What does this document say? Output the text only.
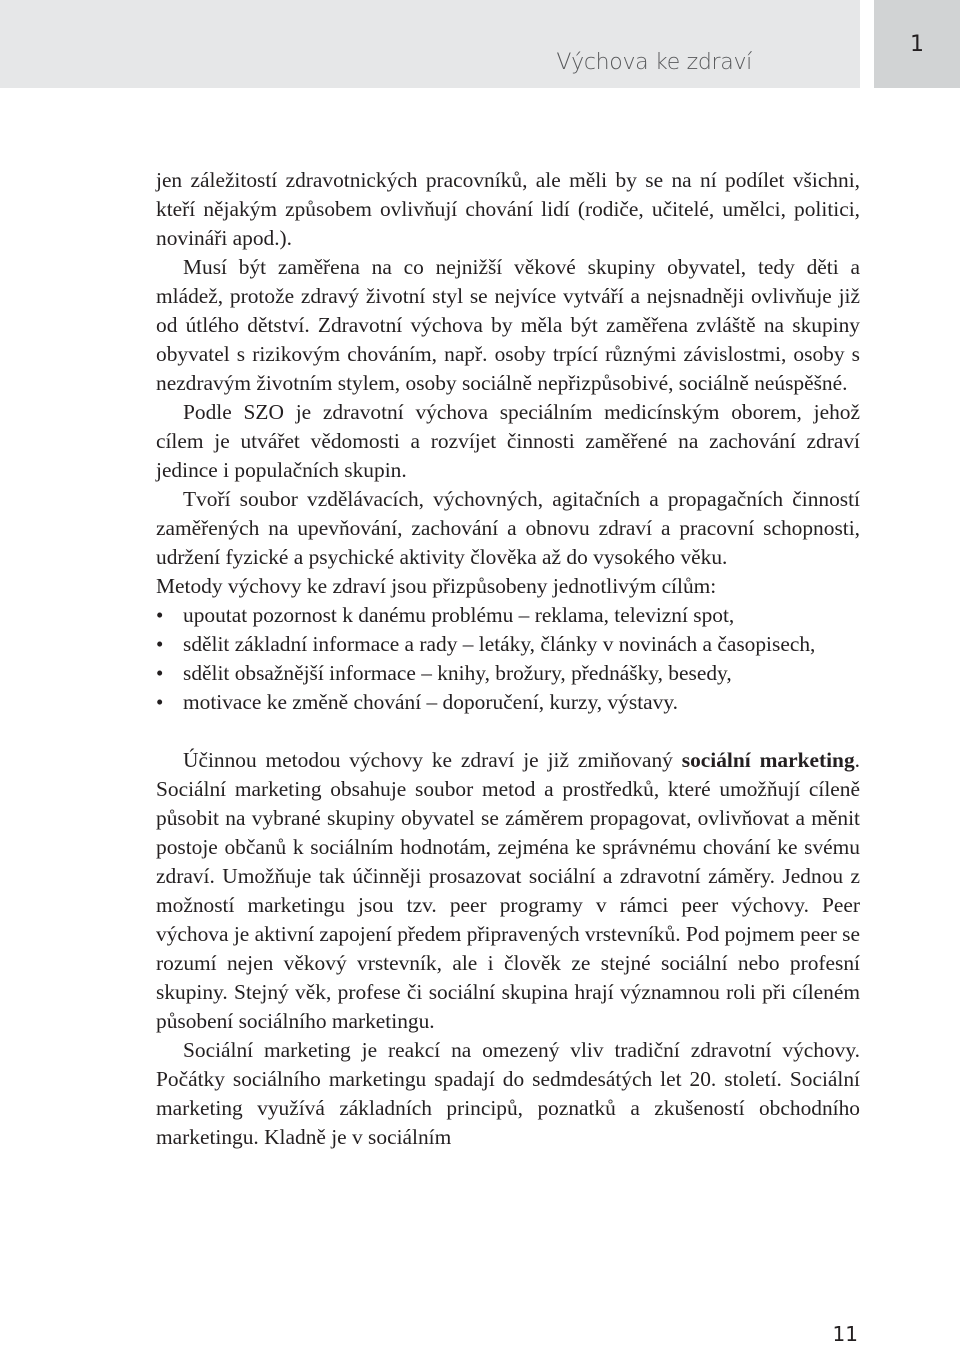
Výchova ke zdraví
1

jen záležitostí zdravotnických pracovníků, ale měli by se na ní podílet všichni, kteří nějakým způsobem ovlivňují chování lidí (rodiče, učitelé, umělci, politici, novináři apod.).

Musí být zaměřena na co nejnižší věkové skupiny obyvatel, tedy děti a mládež, protože zdravý životní styl se nejvíce vytváří a nejsnadněji ovlivňuje již od útlého dětství. Zdravotní výchova by měla být zaměřena zvláště na skupiny obyvatel s rizikovým chováním, např. osoby trpící různými závislostmi, osoby s nezdravým životním stylem, osoby sociálně nepřizpůsobivé, sociálně neúspěšné.

Podle SZO je zdravotní výchova speciálním medicínským oborem, jehož cílem je utvářet vědomosti a rozvíjet činnosti zaměřené na zachování zdraví jedince i populačních skupin.

Tvoří soubor vzdělávacích, výchovných, agitačních a propagačních činností zaměřených na upevňování, zachování a obnovu zdraví a pracovní schopnosti, udržení fyzické a psychické aktivity člověka až do vysokého věku.

Metody výchovy ke zdraví jsou přizpůsobeny jednotlivým cílům:

• upoutat pozornost k danému problému – reklama, televizní spot,
• sdělit základní informace a rady – letáky, články v novinách a časopisech,
• sdělit obsažnější informace – knihy, brožury, přednášky, besedy,
• motivace ke změně chování – doporučení, kurzy, výstavy.

Účinnou metodou výchovy ke zdraví je již zmiňovaný sociální marketing. Sociální marketing obsahuje soubor metod a prostředků, které umožňují cíleně působit na vybrané skupiny obyvatel se záměrem propagovat, ovlivňovat a měnit postoje občanů k sociálním hodnotám, zejména ke správnému chování ke svému zdraví. Umožňuje tak účinněji prosazovat sociální a zdravotní záměry. Jednou z možností marketingu jsou tzv. peer programy v rámci peer výchovy. Peer výchova je aktivní zapojení předem připravených vrstevníků. Pod pojmem peer se rozumí nejen věkový vrstevník, ale i člověk ze stejné sociální nebo profesní skupiny. Stejný věk, profese či sociální skupina hrají významnou roli při cíleném působení sociálního marketingu.

Sociální marketing je reakcí na omezený vliv tradiční zdravotní výchovy. Počátky sociálního marketingu spadají do sedmdesátých let 20. století. Sociální marketing využívá základních principů, poznatků a zkušeností obchodního marketingu. Kladně je v sociálním

11
